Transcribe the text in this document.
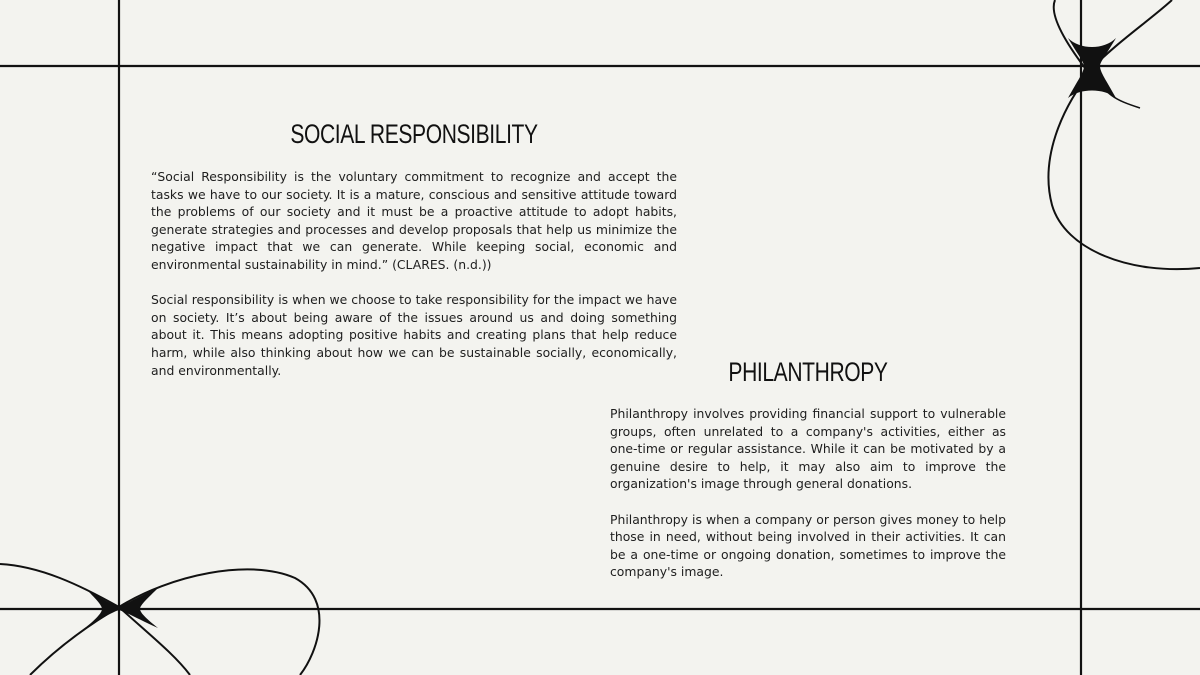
SOCIAL RESPONSIBILITY

“Social Responsibility is the voluntary commitment to recognize and accept the tasks we have to our society. It is a mature, conscious and sensitive attitude toward the problems of our society and it must be a proactive attitude to adopt habits, generate strategies and processes and develop proposals that help us minimize the negative impact that we can generate. While keeping social, economic and environmental sustainability in mind.” (CLARES. (n.d.))

Social responsibility is when we choose to take responsibility for the impact we have on society. It’s about being aware of the issues around us and doing something about it. This means adopting positive habits and creating plans that help reduce harm, while also thinking about how we can be sustainable socially, economically, and environmentally.	PHILANTHROPY

Philanthropy involves providing financial support to vulnerable groups, often unrelated to a company's activities, either as one-time or regular assistance. While it can be motivated by a genuine desire to help, it may also aim to improve the organization's image through general donations.

Philanthropy is when a company or person gives money to help those in need, without being involved in their activities. It can be a one-time or ongoing donation, sometimes to improve the company's image.
